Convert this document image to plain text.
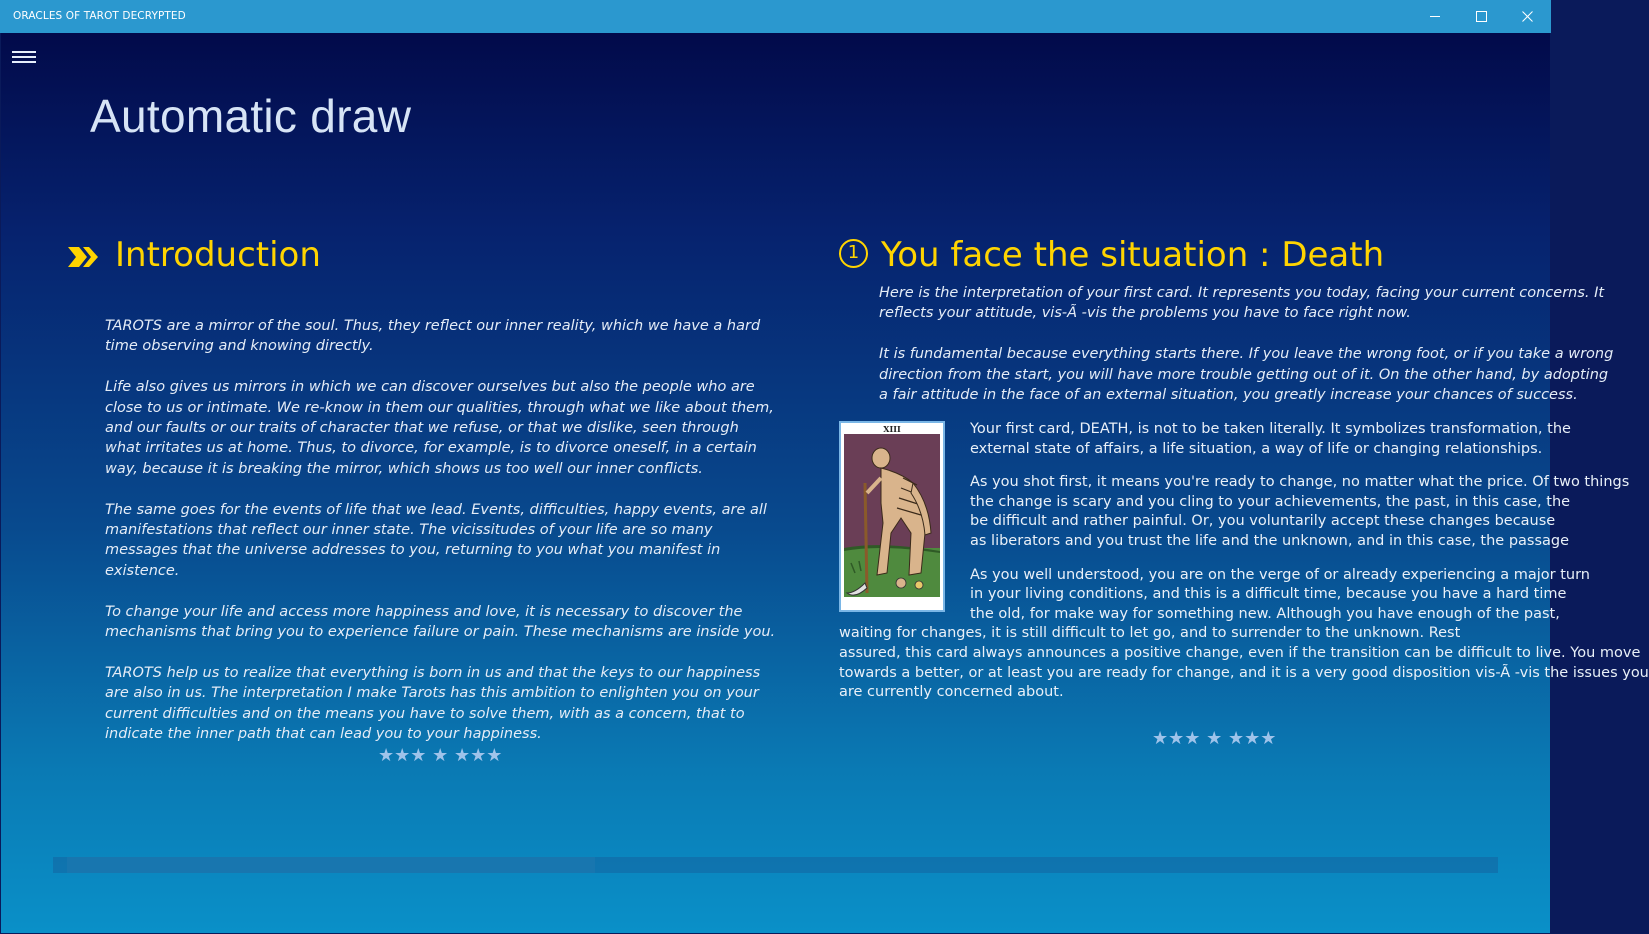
ORACLES OF TAROT DECRYPTED
Automatic draw
Introduction

TAROTS are a mirror of the soul. Thus, they reflect our inner reality, which we have a hard time observing and knowing directly.

Life also gives us mirrors in which we can discover ourselves but also the people who are close to us or intimate. We re-know in them our qualities, through what we like about them, and our faults or our traits of character that we refuse, or that we dislike, seen through what irritates us at home. Thus, to divorce, for example, is to divorce oneself, in a certain way, because it is breaking the mirror, which shows us too well our inner conflicts.

The same goes for the events of life that we lead. Events, difficulties, happy events, are all manifestations that reflect our inner state. The vicissitudes of your life are so many messages that the universe addresses to you, returning to you what you manifest in existence.

To change your life and access more happiness and love, it is necessary to discover the mechanisms that bring you to experience failure or pain. These mechanisms are inside you.

TAROTS help us to realize that everything is born in us and that the keys to our happiness are also in us. The interpretation I make Tarots has this ambition to enlighten you on your current difficulties and on the means you have to solve them, with as a concern, that to indicate the inner path that can lead you to your happiness.

★★★ ★ ★★★
1 You face the situation : Death

Here is the interpretation of your first card. It represents you today, facing your current concerns. It
reflects your attitude, vis-Ã -vis the problems you have to face right now.

It is fundamental because everything starts there. If you leave the wrong foot, or if you take a wrong
direction from the start, you will have more trouble getting out of it. On the other hand, by adopting
a fair attitude in the face of an external situation, you greatly increase your chances of success.

XIII	Your first card, DEATH, is not to be taken literally. It symbolizes transformation, the
external state of affairs, a life situation, a way of life or changing relationships.

As you shot first, it means you're ready to change, no matter what the price. Of two things
the change is scary and you cling to your achievements, the past, in this case, the
be difficult and rather painful. Or, you voluntarily accept these changes because
as liberators and you trust the life and the unknown, and in this case, the passage

As you well understood, you are on the verge of or already experiencing a major turn
in your living conditions, and this is a difficult time, because you have a hard time
the old, for make way for something new. Although you have enough of the past,
waiting for changes, it is still difficult to let go, and to surrender to the unknown. Rest
assured, this card always announces a positive change, even if the transition can be difficult to live. You move
towards a better, or at least you are ready for change, and it is a very good disposition vis-Ã -vis the issues you
are currently concerned about.

★★★ ★ ★★★
